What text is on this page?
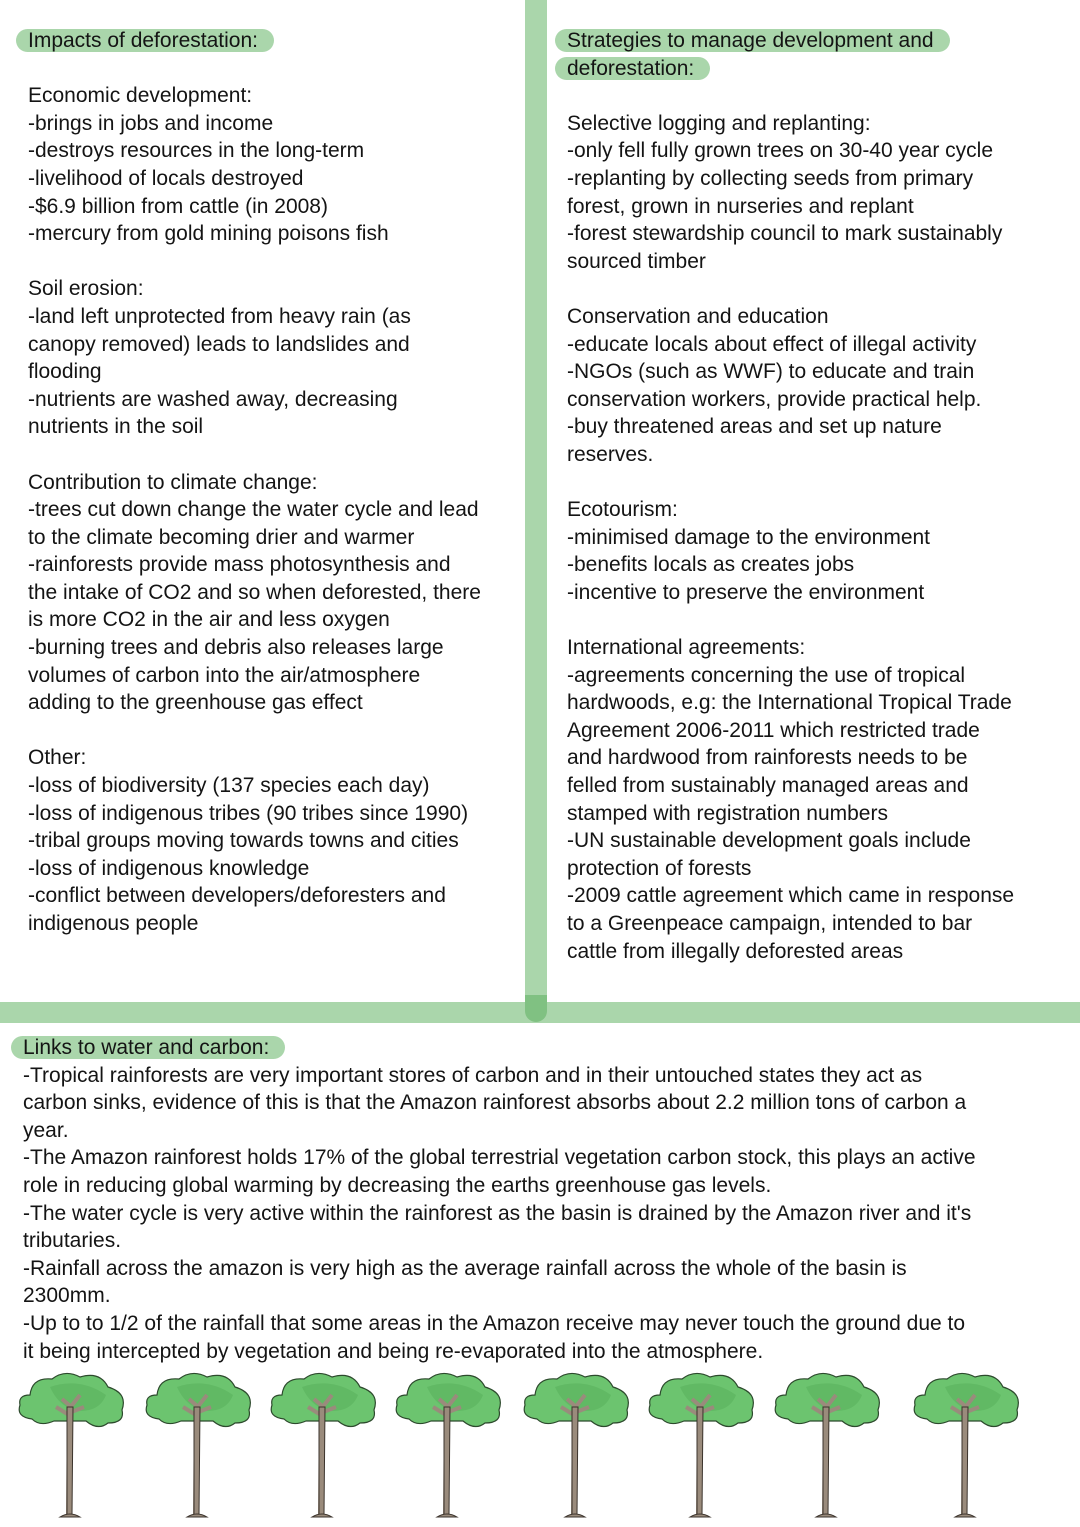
Impacts of deforestation:
Economic development:
-brings in jobs and income
-destroys resources in the long-term
-livelihood of locals destroyed
-$6.9 billion from cattle (in 2008)
-mercury from gold mining poisons fish
Soil erosion:
-land left unprotected from heavy rain (as
canopy removed) leads to landslides and
flooding
-nutrients are washed away, decreasing
nutrients in the soil
Contribution to climate change:
-trees cut down change the water cycle and lead
to the climate becoming drier and warmer
-rainforests provide mass photosynthesis and
the intake of CO2 and so when deforested, there
is more CO2 in the air and less oxygen
-burning trees and debris also releases large
volumes of carbon into the air/atmosphere
adding to the greenhouse gas effect
Other:
-loss of biodiversity (137 species each day)
-loss of indigenous tribes (90 tribes since 1990)
-tribal groups moving towards towns and cities
-loss of indigenous knowledge
-conflict between developers/deforesters and
indigenous people
Strategies to manage development and
deforestation:
Selective logging and replanting:
-only fell fully grown trees on 30-40 year cycle
-replanting by collecting seeds from primary
forest, grown in nurseries and replant
-forest stewardship council to mark sustainably
sourced timber
Conservation and education
-educate locals about effect of illegal activity
-NGOs (such as WWF) to educate and train
conservation workers, provide practical help.
-buy threatened areas and set up nature
reserves.
Ecotourism:
-minimised damage to the environment
-benefits locals as creates jobs
-incentive to preserve the environment
International agreements:
-agreements concerning the use of tropical
hardwoods, e.g: the International Tropical Trade
Agreement 2006-2011 which restricted trade
and hardwood from rainforests needs to be
felled from sustainably managed areas and
stamped with registration numbers
-UN sustainable development goals include
protection of forests
-2009 cattle agreement which came in response
to a Greenpeace campaign, intended to bar
cattle from illegally deforested areas
Links to water and carbon:
-Tropical rainforests are very important stores of carbon and in their untouched states they act as
carbon sinks, evidence of this is that the Amazon rainforest absorbs about 2.2 million tons of carbon a
year.
-The Amazon rainforest holds 17% of the global terrestrial vegetation carbon stock, this plays an active
role in reducing global warming by decreasing the earths greenhouse gas levels.
-The water cycle is very active within the rainforest as the basin is drained by the Amazon river and it's
tributaries.
-Rainfall across the amazon is very high as the average rainfall across the whole of the basin is
2300mm.
-Up to to 1/2 of the rainfall that some areas in the Amazon receive may never touch the ground due to
it being intercepted by vegetation and being re-evaporated into the atmosphere.
